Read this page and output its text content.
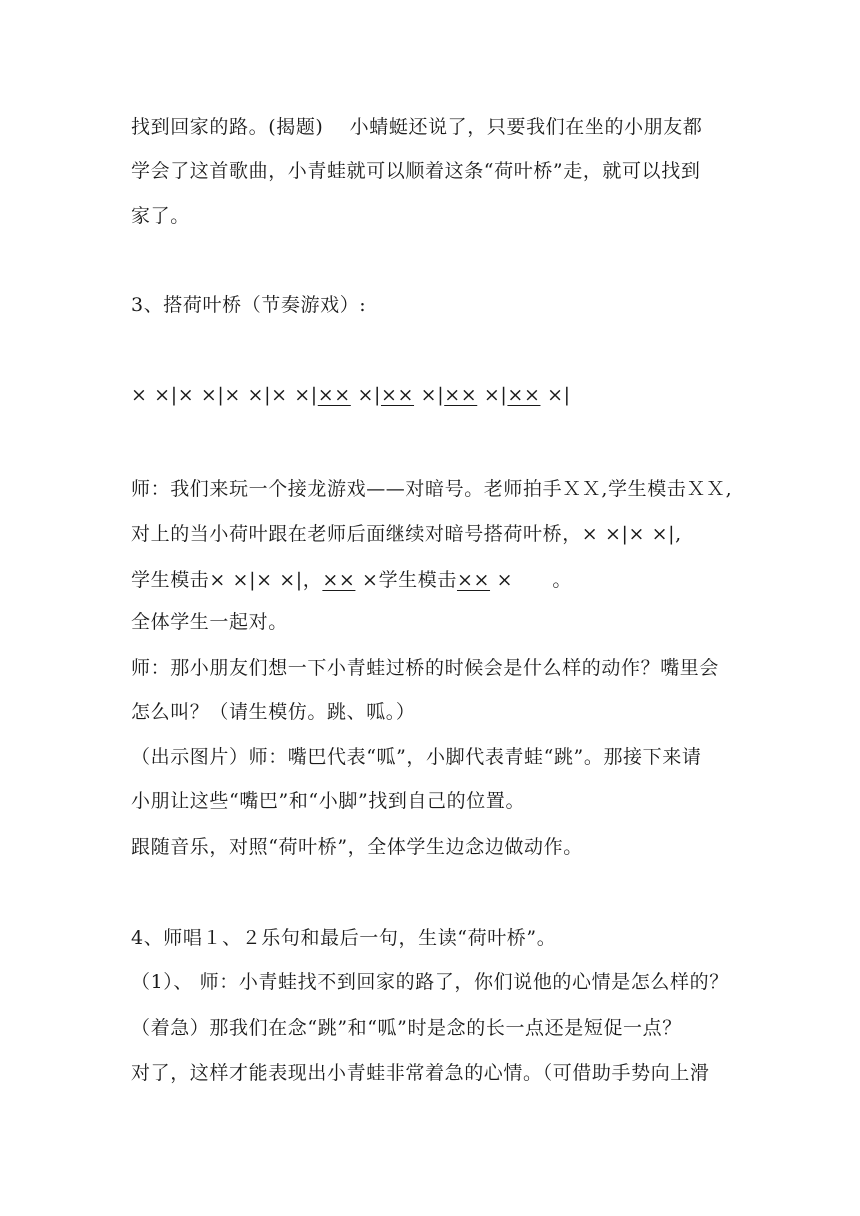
找到回家的路。(揭题)　 小蜻蜓还说了，只要我们在坐的小朋友都
学会了这首歌曲，小青蛙就可以顺着这条“荷叶桥”走，就可以找到
家了。
3、搭荷叶桥（节奏游戏）:
× ×|× ×|× ×|× ×|×× ×|×× ×|×× ×|×× ×|
师：我们来玩一个接龙游戏——对暗号。老师拍手ＸＸ,学生模击ＸＸ,
对上的当小荷叶跟在老师后面继续对暗号搭荷叶桥，× ×|× ×|,
学生模击× ×|× ×|，×× ×学生模击×× ×　　。
全体学生一起对。
师：那小朋友们想一下小青蛙过桥的时候会是什么样的动作？嘴里会
怎么叫？（请生模仿。跳、呱。）
（出示图片）师：嘴巴代表“呱”，小脚代表青蛙“跳”。那接下来请
小朋让这些“嘴巴”和“小脚”找到自己的位置。
跟随音乐，对照“荷叶桥”，全体学生边念边做动作。
4、师唱１、２乐句和最后一句，生读“荷叶桥”。
（1）、 师：小青蛙找不到回家的路了，你们说他的心情是怎么样的？
（着急）那我们在念“跳”和“呱”时是念的长一点还是短促一点？
对了，这样才能表现出小青蛙非常着急的心情。（可借助手势向上滑
